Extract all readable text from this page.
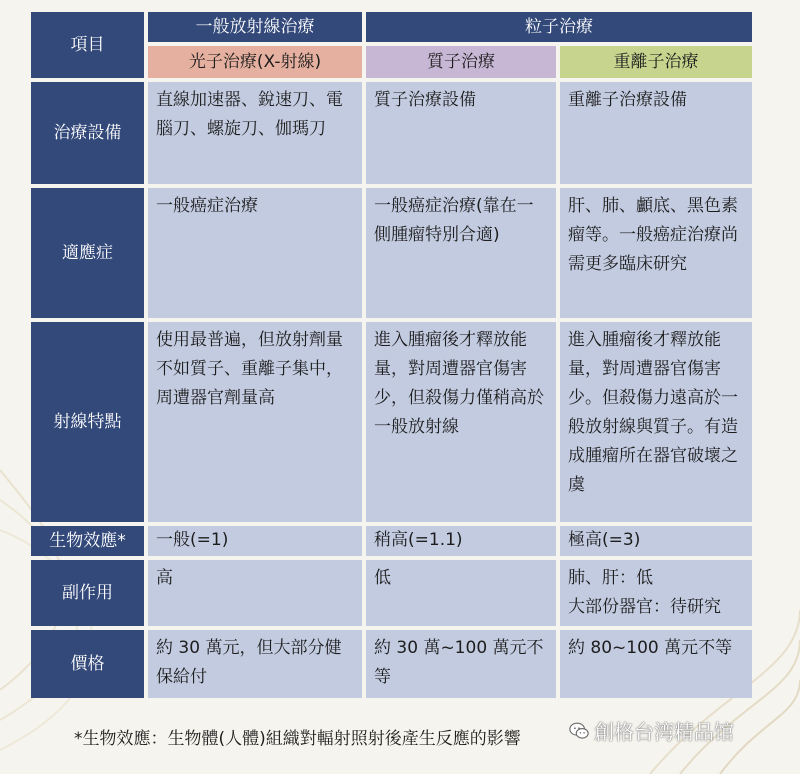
項目	一般放射線治療	粒子治療	
	光子治療(X-射線)	質子治療	重離子治療
治療設備	直線加速器、銳速刀、電腦刀、螺旋刀、伽瑪刀	質子治療設備	重離子治療設備
適應症	一般癌症治療	一般癌症治療(靠在一側腫瘤特別合適)	肝、肺、顱底、黑色素瘤等。一般癌症治療尚需更多臨床研究
射線特點	使用最普遍，但放射劑量不如質子、重離子集中，周遭器官劑量高	進入腫瘤後才釋放能量，對周遭器官傷害少，但殺傷力僅稍高於一般放射線	進入腫瘤後才釋放能量，對周遭器官傷害少。但殺傷力遠高於一般放射線與質子。有造成腫瘤所在器官破壞之虞
生物效應*	一般(=1)	稍高(=1.1)	極高(=3)
副作用	高	低	肺、肝：低
大部份器官：待研究

價格	約 30 萬元，但大部分健保給付	約 30 萬~100 萬元不等	約 80~100 萬元不等
*生物效應：生物體(人體)組織對輻射照射後產生反應的影響	創格台湾精品馆
